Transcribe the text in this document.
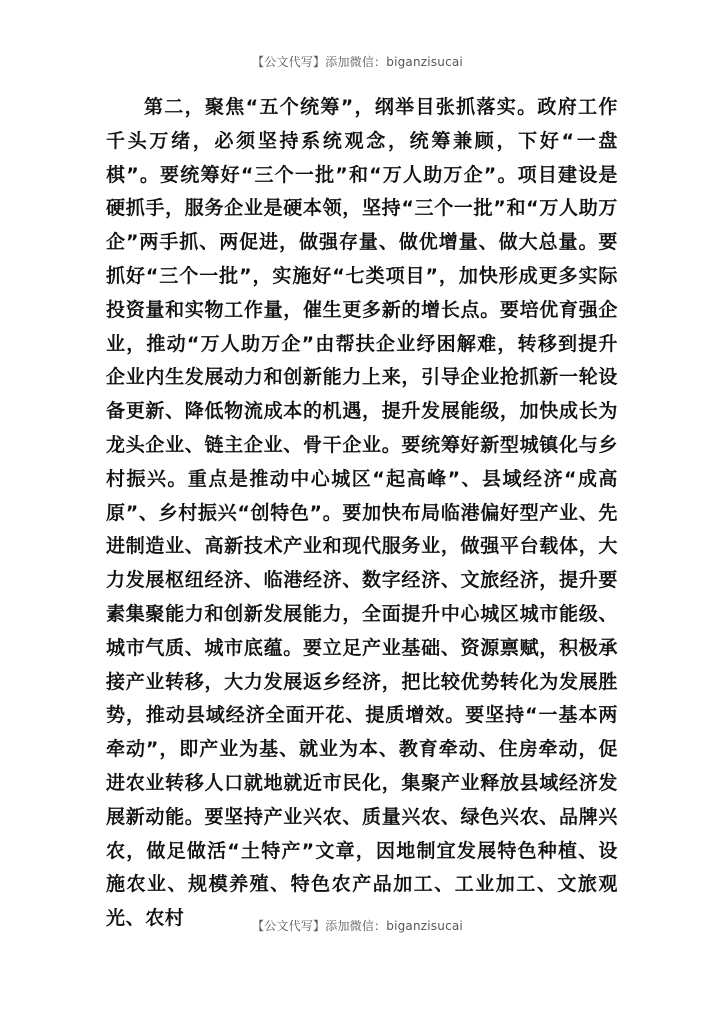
【公文代写】添加微信：biganzisucai

第二，聚焦“五个统筹”，纲举目张抓落实。政府工作千头万绪，必须坚持系统观念，统筹兼顾，下好“一盘棋”。要统筹好“三个一批”和“万人助万企”。项目建设是硬抓手，服务企业是硬本领，坚持“三个一批”和“万人助万企”两手抓、两促进，做强存量、做优增量、做大总量。要抓好“三个一批”，实施好“七类项目”，加快形成更多实际投资量和实物工作量，催生更多新的增长点。要培优育强企业，推动“万人助万企”由帮扶企业纾困解难，转移到提升企业内生发展动力和创新能力上来，引导企业抢抓新一轮设备更新、降低物流成本的机遇，提升发展能级，加快成长为龙头企业、链主企业、骨干企业。要统筹好新型城镇化与乡村振兴。重点是推动中心城区“起高峰”、县域经济“成高原”、乡村振兴“创特色”。要加快布局临港偏好型产业、先进制造业、高新技术产业和现代服务业，做强平台载体，大力发展枢纽经济、临港经济、数字经济、文旅经济，提升要素集聚能力和创新发展能力，全面提升中心城区城市能级、城市气质、城市底蕴。要立足产业基础、资源禀赋，积极承接产业转移，大力发展返乡经济，把比较优势转化为发展胜势，推动县域经济全面开花、提质增效。要坚持“一基本两牵动”，即产业为基、就业为本、教育牵动、住房牵动，促进农业转移人口就地就近市民化，集聚产业释放县域经济发展新动能。要坚持产业兴农、质量兴农、绿色兴农、品牌兴农，做足做活“土特产”文章，因地制宜发展特色种植、设施农业、规模养殖、特色农产品加工、工业加工、文旅观光、农村	【公文代写】添加微信：biganzisucai
